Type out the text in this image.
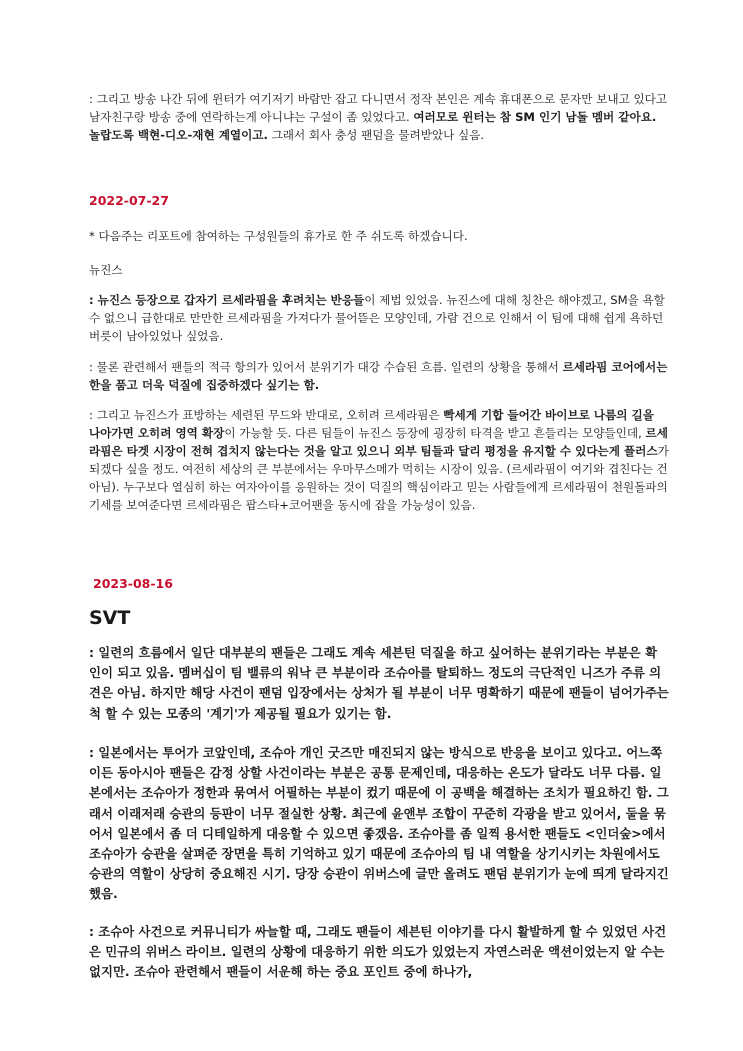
: 그리고 방송 나간 뒤에 윈터가 여기저기 바람만 잡고 다니면서 정작 본인은 계속 휴대폰으로 문자만 보내고 있다고 남자친구랑 방송 중에 연락하는게 아니냐는 구설이 좀 있었다고. 여러모로 윈터는 참 SM 인기 남돌 멤버 같아요. 놀랍도록 백현-디오-재현 계열이고. 그래서 회사 충성 팬덤을 물려받았나 싶음.
2022-07-27
* 다음주는 리포트에 참여하는 구성원들의 휴가로 한 주 쉬도록 하겠습니다.
뉴진스
: 뉴진스 등장으로 갑자기 르세라핌을 후려치는 반응들이 제법 있었음. 뉴진스에 대해 칭찬은 해야겠고, SM을 욕할 수 없으니 급한대로 만만한 르세라핌을 가져다가 물어뜯은 모양인데, 가람 건으로 인해서 이 팀에 대해 쉽게 욕하던 버릇이 남아있었나 싶었음.
: 물론 관련해서 팬들의 적극 항의가 있어서 분위기가 대강 수습된 흐름. 일련의 상황을 통해서 르세라핌 코어에서는 한을 품고 더욱 덕질에 집중하겠다 싶기는 함.
: 그리고 뉴진스가 표방하는 세련된 무드와 반대로, 오히려 르세라핌은 빡세게 기합 들어간 바이브로 나름의 길을 나아가면 오히려 영역 확장이 가능할 듯. 다른 팀들이 뉴진스 등장에 굉장히 타격을 받고 흔들리는 모양들인데, 르세라핌은 타겟 시장이 전혀 겹치지 않는다는 것을 알고 있으니 외부 팀들과 달리 평정을 유지할 수 있다는게 플러스가 되겠다 싶을 정도. 여전히 세상의 큰 부분에서는 우마무스메가 먹히는 시장이 있음. (르세라핌이 여기와 겹친다는 건 아님). 누구보다 열심히 하는 여자아이를 응원하는 것이 덕질의 핵심이라고 믿는 사람들에게 르세라핌이 천원돌파의 기세를 보여준다면 르세라핌은 팝스타+코어팬을 동시에 잡을 가능성이 있음.
2023-08-16
SVT
: 일련의 흐름에서 일단 대부분의 팬들은 그래도 계속 세븐틴 덕질을 하고 싶어하는 분위기라는 부분은 확인이 되고 있음. 멤버십이 팀 밸류의 워낙 큰 부분이라 조슈아를 탈퇴하느 정도의 극단적인 니즈가 주류 의견은 아님. 하지만 해당 사건이 팬덤 입장에서는 상처가 될 부분이 너무 명확하기 때문에 팬들이 넘어가주는 척 할 수 있는 모종의 '계기'가 제공될 필요가 있기는 함.
: 일본에서는 투어가 코앞인데, 조슈아 개인 굿즈만 매진되지 않는 방식으로 반응을 보이고 있다고. 어느쪽이든 동아시아 팬들은 감정 상할 사건이라는 부분은 공통 문제인데, 대응하는 온도가 달라도 너무 다름. 일본에서는 조슈아가 정한과 묶여서 어필하는 부분이 컸기 때문에 이 공백을 해결하는 조치가 필요하긴 함. 그래서 이래저래 승관의 등판이 너무 절실한 상황. 최근에 윤앤부 조합이 꾸준히 각광을 받고 있어서, 둘을 묶어서 일본에서 좀 더 디테일하게 대응할 수 있으면 좋겠음. 조슈아를 좀 일찍 용서한 팬들도 <인더숲>에서 조슈아가 승관을 살펴준 장면을 특히 기억하고 있기 때문에 조슈아의 팀 내 역할을 상기시키는 차원에서도 승관의 역할이 상당히 중요해진 시기. 당장 승관이 위버스에 글만 올려도 팬덤 분위기가 눈에 띄게 달라지긴 했음.
: 조슈아 사건으로 커뮤니티가 싸늘할 때, 그래도 팬들이 세븐틴 이야기를 다시 활발하게 할 수 있었던 사건은 민규의 위버스 라이브. 일련의 상황에 대응하기 위한 의도가 있었는지 자연스러운 액션이었는지 알 수는 없지만. 조슈아 관련해서 팬들이 서운해 하는 중요 포인트 중에 하나가,
